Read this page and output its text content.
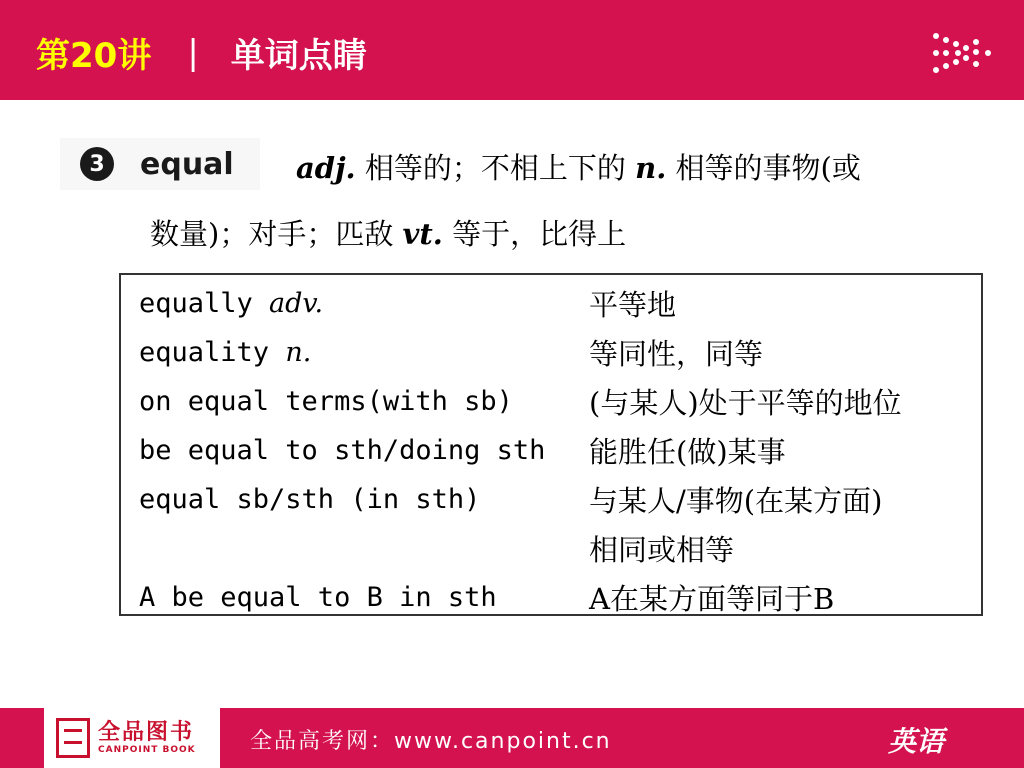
第20讲 | 单词点睛
3	equal adj. 相等的；不相上下的 n. 相等的事物(或
数量)；对手；匹敌 vt. 等于，比得上
equally adv.	平等地
equality n.	等同性，同等
on equal terms(with sb)	(与某人)处于平等的地位
be equal to sth/doing sth	能胜任(做)某事
equal sb/sth (in sth)	与某人/事物(在某方面)
相同或相等
A be equal to B in sth	A在某方面等同于B
全品图书
CANPOINT BOOK 全品高考网：www.canpoint.cn	英语
